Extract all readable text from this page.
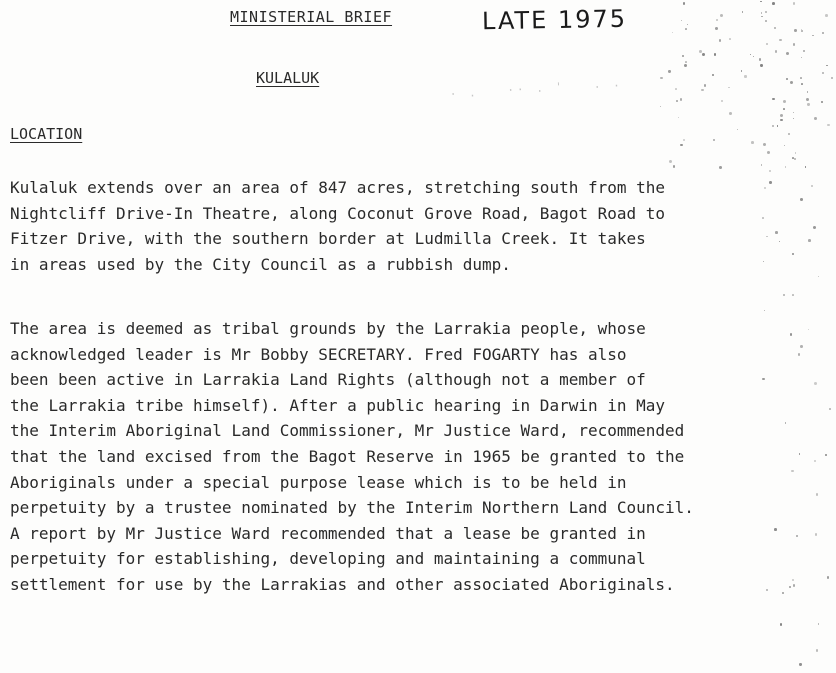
MINISTERIAL BRIEF	LATE 1975
KULALUK	· .   ·· . '   . .
LOCATION
Kulaluk extends over an area of 847 acres, stretching south from the
Nightcliff Drive-In Theatre, along Coconut Grove Road, Bagot Road to
Fitzer Drive, with the southern border at Ludmilla Creek. It takes
in areas used by the City Council as a rubbish dump.
The area is deemed as tribal grounds by the Larrakia people, whose
acknowledged leader is Mr Bobby SECRETARY. Fred FOGARTY has also
been been active in Larrakia Land Rights (although not a member of
the Larrakia tribe himself). After a public hearing in Darwin in May
the Interim Aboriginal Land Commissioner, Mr Justice Ward, recommended
that the land excised from the Bagot Reserve in 1965 be granted to the
Aboriginals under a special purpose lease which is to be held in
perpetuity by a trustee nominated by the Interim Northern Land Council.
A report by Mr Justice Ward recommended that a lease be granted in
perpetuity for establishing, developing and maintaining a communal
settlement for use by the Larrakias and other associated Aboriginals.
